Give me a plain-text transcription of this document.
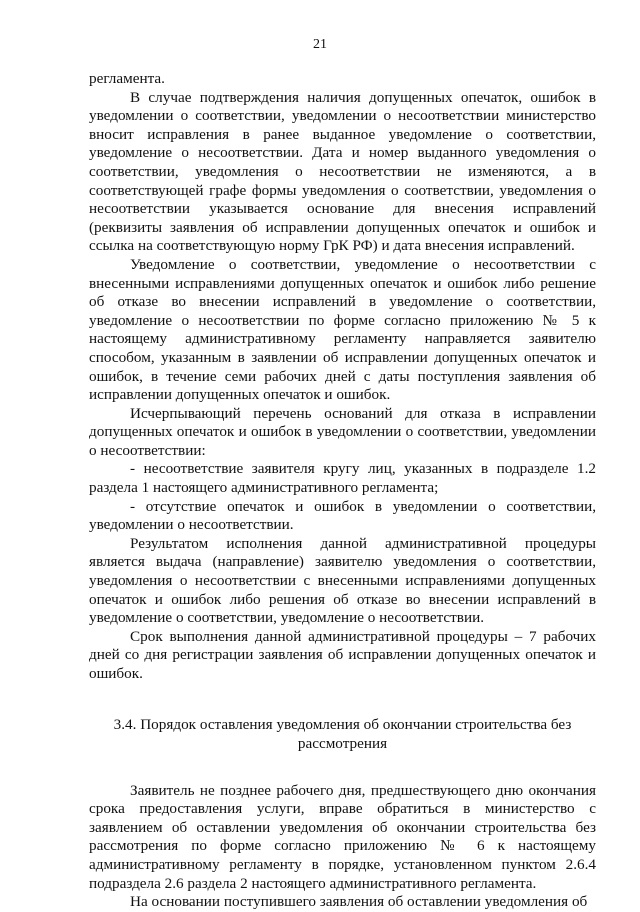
21

регламента.

В случае подтверждения наличия допущенных опечаток, ошибок в уведомлении о соответствии, уведомлении о несоответствии министерство вносит исправления в ранее выданное уведомление о соответствии, уведомление о несоответствии. Дата и номер выданного уведомления о соответствии, уведомления о несоответствии не изменяются, а в соответствующей графе формы уведомления о соответствии, уведомления о несоответствии указывается основание для внесения исправлений (реквизиты заявления об исправлении допущенных опечаток и ошибок и ссылка на соответствующую норму ГрК РФ) и дата внесения исправлений.

Уведомление о соответствии, уведомление о несоответствии с внесенными исправлениями допущенных опечаток и ошибок либо решение об отказе во внесении исправлений в уведомление о соответствии, уведомление о несоответствии по форме согласно приложению № 5 к настоящему административному регламенту направляется заявителю способом, указанным в заявлении об исправлении допущенных опечаток и ошибок, в течение семи рабочих дней с даты поступления заявления об исправлении допущенных опечаток и ошибок.

Исчерпывающий перечень оснований для отказа в исправлении допущенных опечаток и ошибок в уведомлении о соответствии, уведомлении о несоответствии:

- несоответствие заявителя кругу лиц, указанных в подразделе 1.2 раздела 1 настоящего административного регламента;

- отсутствие опечаток и ошибок в уведомлении о соответствии, уведомлении о несоответствии.

Результатом исполнения данной административной процедуры является выдача (направление) заявителю уведомления о соответствии, уведомления о несоответствии с внесенными исправлениями допущенных опечаток и ошибок либо решения об отказе во внесении исправлений в уведомление о соответствии, уведомление о несоответствии.

Срок выполнения данной административной процедуры – 7 рабочих дней со дня регистрации заявления об исправлении допущенных опечаток и ошибок.

3.4. Порядок оставления уведомления об окончании строительства без
рассмотрения

Заявитель не позднее рабочего дня, предшествующего дню окончания срока предоставления услуги, вправе обратиться в министерство с заявлением об оставлении уведомления об окончании строительства без рассмотрения по форме согласно приложению № 6 к настоящему административному регламенту в порядке, установленном пунктом 2.6.4 подраздела 2.6 раздела 2 настоящего административного регламента.

На основании поступившего заявления об оставлении уведомления об
